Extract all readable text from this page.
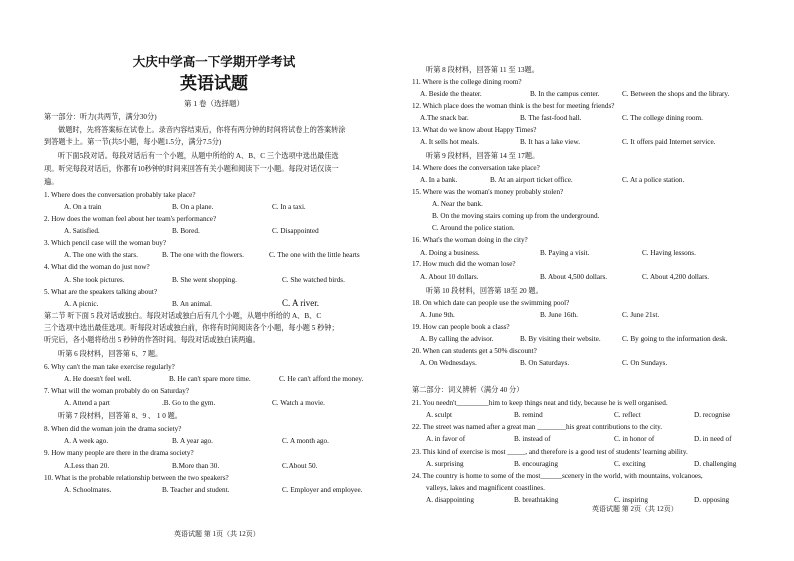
大庆中学高一下学期开学考试
英语试题
第 1 卷（选择题）
第一部分：听力(共两节，满分30分)
做题时，先将答案标在试卷上。录音内容结束后，你将有两分钟的时间将试卷上的答案转涂
到答题卡上。第一节(共5小题，每小题1.5分，满分7.5分)
听下面5段对话。每段对话后有一个小题，从题中所给的 A、B、C 三个选项中选出最佳选
项。听完每段对话后，你都有10秒钟的时间来回答有关小题和阅读下一小题。每段对话仅读一
遍。
1. Where does the conversation probably take place?
A. On a train	B. On a plane.	C. In a taxi.
2. How does the woman feel about her team's performance?
A. Satisfied.	B. Bored.	C. Disappointed
3. Which pencil case will the woman buy?
A. The one with the stars.	B. The one with the flowers.	C. The one with the little hearts
4. What did the woman do just now?
A. She took pictures.	B. She went shopping.	C. She watched birds.
5. What are the speakers talking about?
A. A picnic.	B. An animal.	C. A river.
第二节 听下面 5 段对话或独白。每段对话或独白后有几个小题，从题中所给的 A、B、C
三个选项中选出最佳选项。听每段对话或独白前，你将有时间阅读各个小题，每小题 5 秒钟；
听完后，各小题将给出 5 秒钟的作答时间。每段对话或独白读两遍。
听第 6 段材料，回答第 6、7 题。
6. Why can't the man take exercise regularly?
A. He doesn't feel well.	B. He can't spare more time.	C. He can't afford the money.
7. What will the woman probably do on Saturday?
A. Attend a part	.B. Go to the gym.	C. Watch a movie.
听第 7 段材料，回答第 8、9 、 1 0 题。
8. When did the woman join the drama society?
A. A week ago.	B. A year ago.	C. A month ago.
9. How many people are there in the drama society?
A.Less than 20.	B.More than 30.	C.About 50.
10. What is the probable relationship between the two speakers?
A. Schoolmates.	B. Teacher and student.	C. Employer and employee.
英语试题 第 1页（共 12页）
听第 8 段材料，回答第 11 至 13题。
11. Where is the college dining room?
A. Beside the theater.	B. In the campus center.	C. Between the shops and the library.
12. Which place does the woman think is the best for meeting friends?
A.The snack bar.	B. The fast-food hall.	C. The college dining room.
13. What do we know about Happy Times?
A. It sells hot meals.	B. It has a lake view.	C. It offers paid Internet service.
听第 9 段材料，回答第 14 至 17题。
14. Where does the conversation take place?
A. In a bank.	B. At an airport ticket office.	C. At a police station.
15. Where was the woman's money probably stolen?
A. Near the bank.
B. On the moving stairs coming up from the underground.
C. Around the police station.
16. What's the woman doing in the city?
A. Doing a business.	B. Paying a visit.	C. Having lessons.
17. How much did the woman lose?
A. About 10 dollars.	B. About 4,500 dollars.	C. About 4,200 dollars.
听第 10 段材料，回答第 18至 20 题。
18. On which date can people use the swimming pool?
A. June 9th.	B. June 16th.	C. June 21st.
19. How can people book a class?
A. By calling the advisor.	B. By visiting their website.	C. By going to the information desk.
20. When can students get a 50% discount?
A. On Wednesdays.	B. On Saturdays.	C. On Sundays.
第二部分：词义辨析（满分 40 分）
21. You needn't_________him to keep things neat and tidy, because he is well organised.
A. sculpt	B. remind	C. reflect	D. recognise
22. The street was named after a great man ________his great contributions to the city.
A. in favor of	B. instead of	C. in honor of	D. in need of
23. This kind of exercise is most _____, and therefore is a good test of students' learning ability.
A. surprising	B. encouraging	C. exciting	D. challenging
24. The country is home to some of the most______scenery in the world, with mountains, volcanoes,
valleys, lakes and magnificent coastlines.
A. disappointing	B. breathtaking	C. inspiring	D. opposing
英语试题 第 2页（共 12页）
